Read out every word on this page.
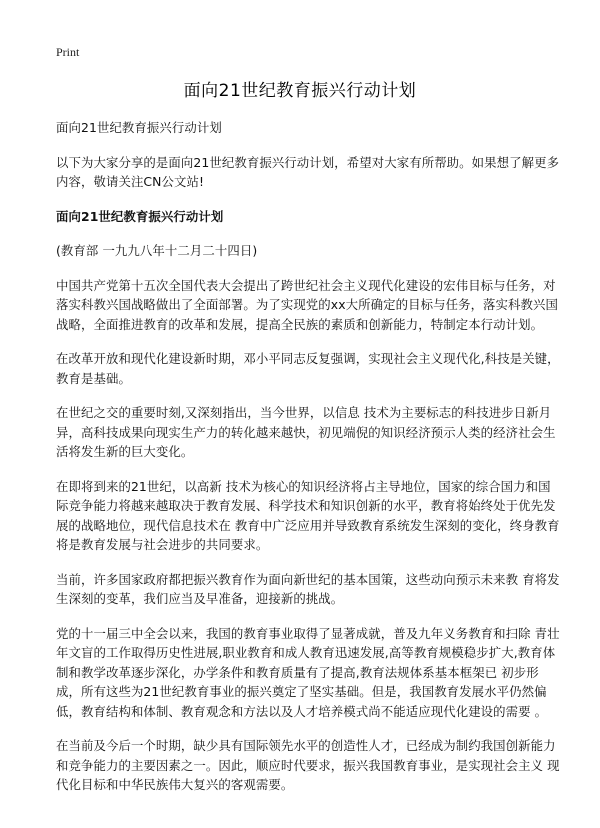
Print
面向21世纪教育振兴行动计划

面向21世纪教育振兴行动计划

以下为大家分享的是面向21世纪教育振兴行动计划，希望对大家有所帮助。如果想了解更多内容，敬请关注CN公文站!

面向21世纪教育振兴行动计划

(教育部 一九九八年十二月二十四日)

中国共产党第十五次全国代表大会提出了跨世纪社会主义现代化建设的宏伟目标与任务，对落实科教兴国战略做出了全面部署。为了实现党的xx大所确定的目标与任务，落实科教兴国战略，全面推进教育的改革和发展，提高全民族的素质和创新能力，特制定本行动计划。

在改革开放和现代化建设新时期，邓小平同志反复强调，实现社会主义现代化,科技是关键，教育是基础。

在世纪之交的重要时刻,又深刻指出，当今世界，以信息 技术为主要标志的科技进步日新月异，高科技成果向现实生产力的转化越来越快，初见端倪的知识经济预示人类的经济社会生活将发生新的巨大变化。

在即将到来的21世纪，以高新 技术为核心的知识经济将占主导地位，国家的综合国力和国际竞争能力将越来越取决于教育发展、科学技术和知识创新的水平，教育将始终处于优先发展的战略地位，现代信息技术在 教育中广泛应用并导致教育系统发生深刻的变化，终身教育将是教育发展与社会进步的共同要求。

当前，许多国家政府都把振兴教育作为面向新世纪的基本国策，这些动向预示未来教 育将发生深刻的变革，我们应当及早准备，迎接新的挑战。

党的十一届三中全会以来，我国的教育事业取得了显著成就，普及九年义务教育和扫除 青壮年文盲的工作取得历史性进展,职业教育和成人教育迅速发展,高等教育规模稳步扩大,教育体制和教学改革逐步深化，办学条件和教育质量有了提高,教育法规体系基本框架已 初步形成，所有这些为21世纪教育事业的振兴奠定了坚实基础。但是，我国教育发展水平仍然偏低，教育结构和体制、教育观念和方法以及人才培养模式尚不能适应现代化建设的需要 。

在当前及今后一个时期，缺少具有国际领先水平的创造性人才，已经成为制约我国创新能力和竞争能力的主要因素之一。因此，顺应时代要求，振兴我国教育事业，是实现社会主义 现代化目标和中华民族伟大复兴的客观需要。
